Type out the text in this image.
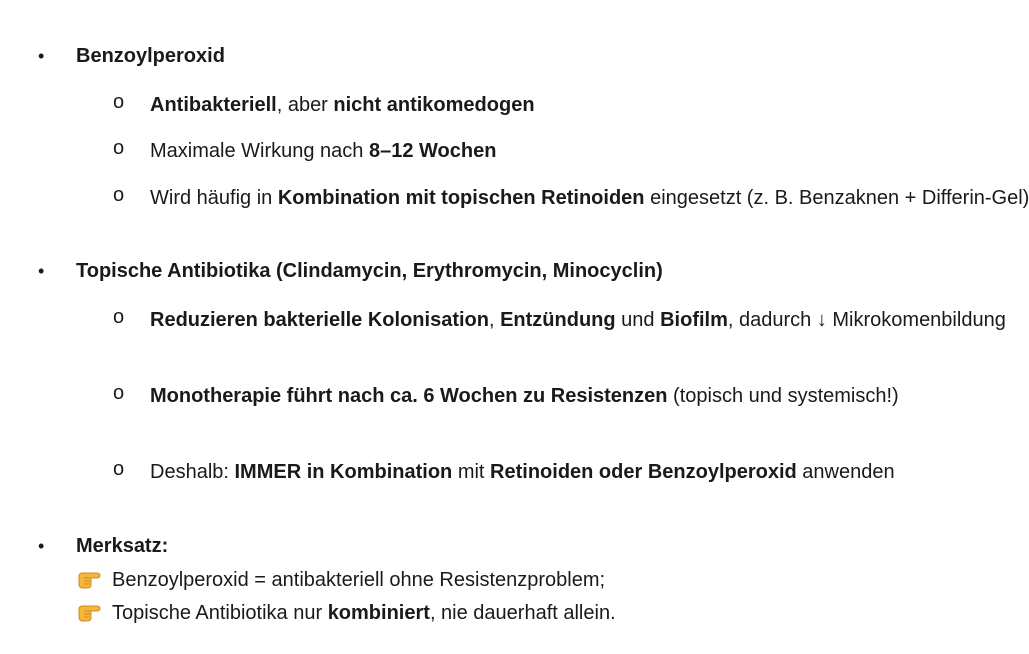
• Benzoylperoxid
o Antibakteriell, aber nicht antikomedogen
o Maximale Wirkung nach 8–12 Wochen
o Wird häufig in Kombination mit topischen Retinoiden eingesetzt (z. B. Benzaknen + Differin-Gel)
• Topische Antibiotika (Clindamycin, Erythromycin, Minocyclin)
o Reduzieren bakterielle Kolonisation, Entzündung und Biofilm, dadurch ↓ Mikrokomenbildung
o Monotherapie führt nach ca. 6 Wochen zu Resistenzen (topisch und systemisch!)
o Deshalb: IMMER in Kombination mit Retinoiden oder Benzoylperoxid anwenden
• Merksatz:
Benzoylperoxid = antibakteriell ohne Resistenzproblem;
Topische Antibiotika nur kombiniert, nie dauerhaft allein.
